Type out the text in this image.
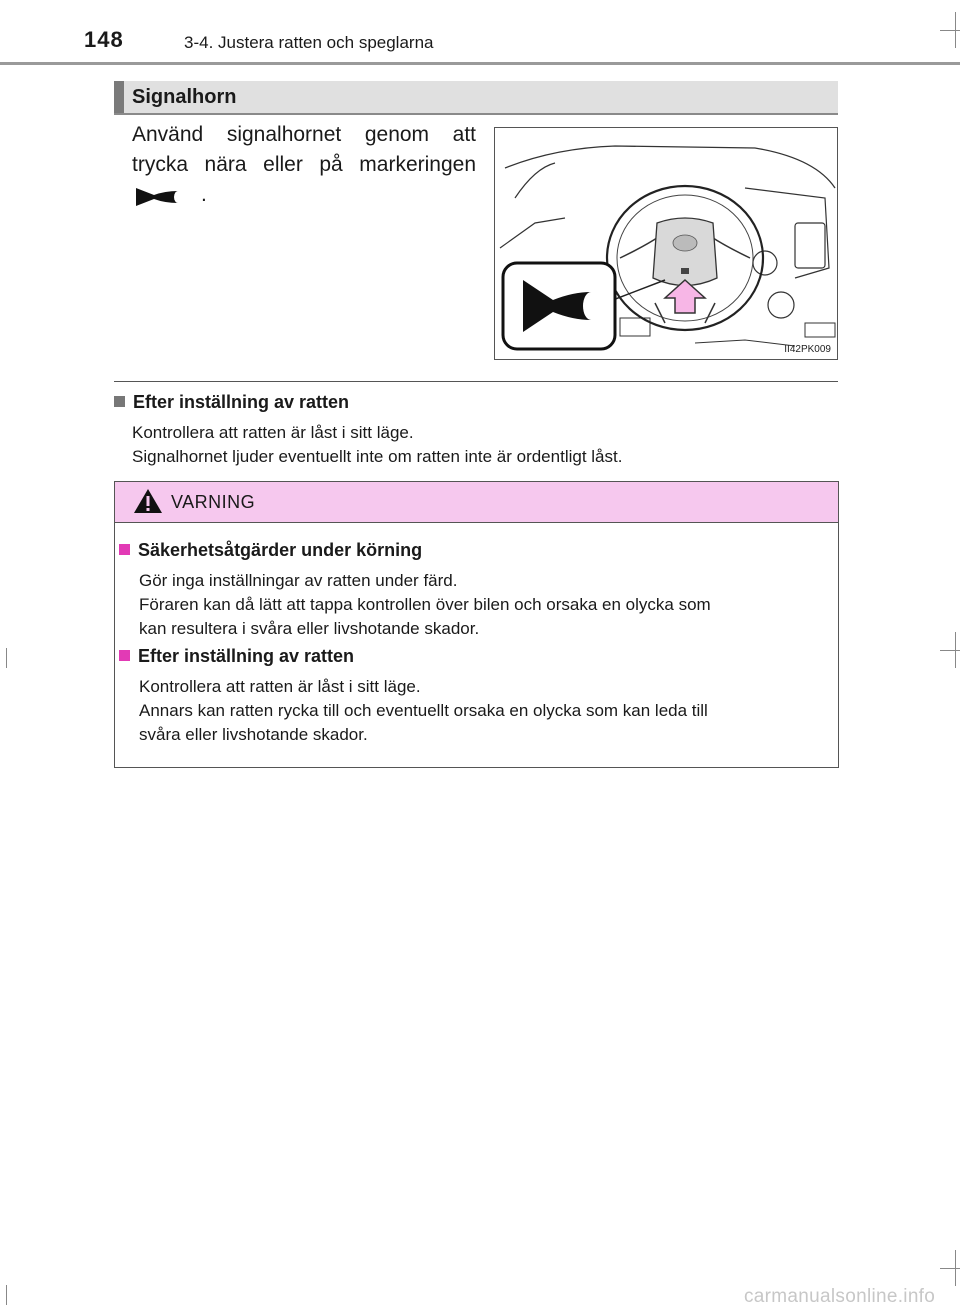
148	3-4. Justera ratten och speglarna
Signalhorn
Använd signalhornet genom att
trycka nära eller på markeringen
.
II42PK009
Efter inställning av ratten
Kontrollera att ratten är låst i sitt läge.
Signalhornet ljuder eventuellt inte om ratten inte är ordentligt låst.
VARNING
Säkerhetsåtgärder under körning
Gör inga inställningar av ratten under färd.
Föraren kan då lätt att tappa kontrollen över bilen och orsaka en olycka som
kan resultera i svåra eller livshotande skador.
Efter inställning av ratten
Kontrollera att ratten är låst i sitt läge.
Annars kan ratten rycka till och eventuellt orsaka en olycka som kan leda till
svåra eller livshotande skador.
carmanualsonline.info
